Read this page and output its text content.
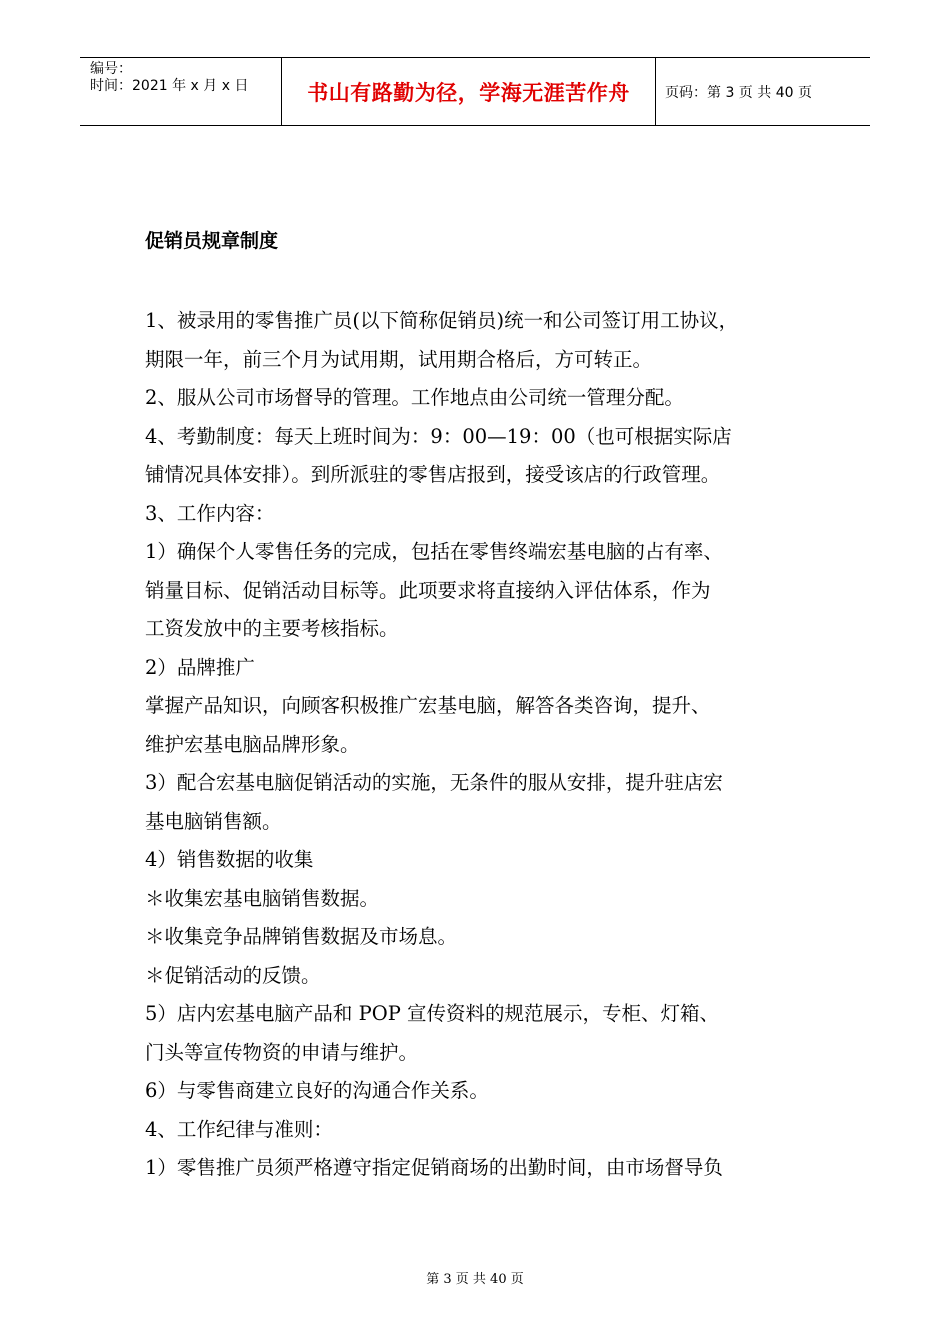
编号：
时间：2021 年 x 月 x 日	书山有路勤为径，学海无涯苦作舟	页码：第 3 页 共 40 页
促销员规章制度

1、被录用的零售推广员(以下简称促销员)统一和公司签订用工协议，

期限一年，前三个月为试用期，试用期合格后，方可转正。

2、服从公司市场督导的管理。工作地点由公司统一管理分配。

4、考勤制度：每天上班时间为：9：00—19：00（也可根据实际店

铺情况具体安排）。到所派驻的零售店报到，接受该店的行政管理。

3、工作内容：

1）确保个人零售任务的完成，包括在零售终端宏基电脑的占有率、

销量目标、促销活动目标等。此项要求将直接纳入评估体系，作为

工资发放中的主要考核指标。

2）品牌推广

掌握产品知识，向顾客积极推广宏基电脑，解答各类咨询，提升、

维护宏基电脑品牌形象。

3）配合宏基电脑促销活动的实施，无条件的服从安排，提升驻店宏

基电脑销售额。

4）销售数据的收集

＊收集宏基电脑销售数据。

＊收集竞争品牌销售数据及市场息。

＊促销活动的反馈。

5）店内宏基电脑产品和 POP 宣传资料的规范展示，专柜、灯箱、

门头等宣传物资的申请与维护。

6）与零售商建立良好的沟通合作关系。

4、工作纪律与准则：

1）零售推广员须严格遵守指定促销商场的出勤时间，由市场督导负

第 3 页 共 40 页
